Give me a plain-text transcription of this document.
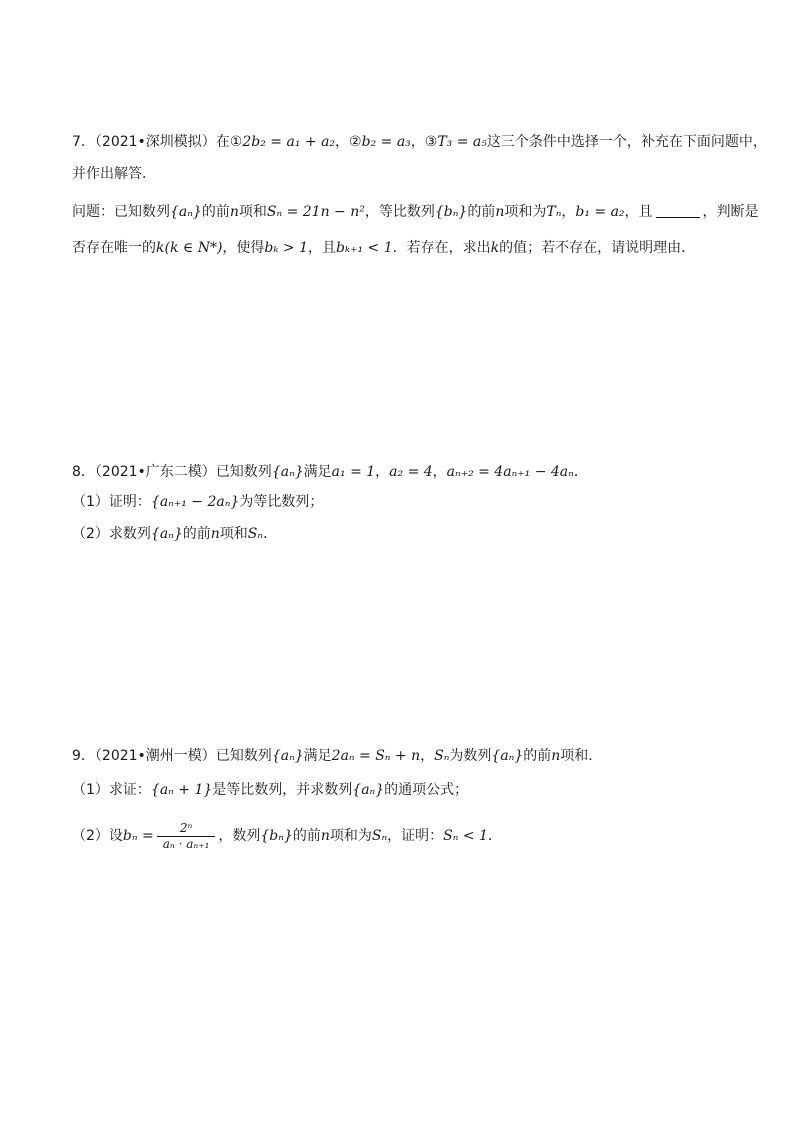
7．（2021•深圳模拟）在①2b₂ = a₁ + a₂，②b₂ = a₃，③T₃ = a₅这三个条件中选择一个，补充在下面问题中，
并作出解答．
问题：已知数列{aₙ}的前n项和Sₙ = 21n − n²，等比数列{bₙ}的前n项和为Tₙ，b₁ = a₂，且	，判断是
否存在唯一的k(k ∈ N*)，使得bₖ > 1，且bₖ₊₁ < 1．若存在，求出k的值；若不存在，请说明理由．
8．（2021•广东二模）已知数列{aₙ}满足a₁ = 1，a₂ = 4，aₙ₊₂ = 4aₙ₊₁ − 4aₙ．
（1）证明：{aₙ₊₁ − 2aₙ}为等比数列；
（2）求数列{aₙ}的前n项和Sₙ．
9．（2021•潮州一模）已知数列{aₙ}满足2aₙ = Sₙ + n，Sₙ为数列{aₙ}的前n项和．
（1）求证：{aₙ + 1}是等比数列，并求数列{aₙ}的通项公式；
（2）设$b_n = \frac{\text{2ⁿ}}{\text{aₙ · aₙ₊₁}}$ ，数列{bₙ}的前n项和为Sₙ，证明：Sₙ < 1．
